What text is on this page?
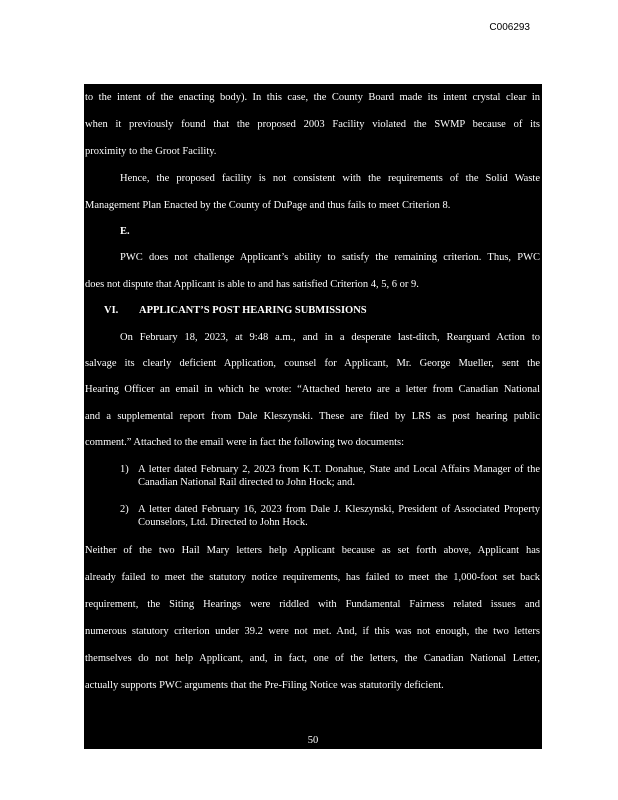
C006293

to the intent of the enacting body). In this case, the County Board made its intent crystal clear in

when it previously found that the proposed 2003 Facility violated the SWMP because of its

proximity to the Groot Facility.

Hence, the proposed facility is not consistent with the requirements of the Solid Waste

Management Plan Enacted by the County of DuPage and thus fails to meet Criterion 8.

E.

PWC does not challenge Applicant’s ability to satisfy the remaining criterion. Thus, PWC

does not dispute that Applicant is able to and has satisfied Criterion 4, 5, 6 or 9.

VI. APPLICANT’S POST HEARING SUBMISSIONS

On February 18, 2023, at 9:48 a.m., and in a desperate last-ditch, Rearguard Action to

salvage its clearly deficient Application, counsel for Applicant, Mr. George Mueller, sent the

Hearing Officer an email in which he wrote: “Attached hereto are a letter from Canadian National

and a supplemental report from Dale Kleszynski. These are filed by LRS as post hearing public

comment.” Attached to the email were in fact the following two documents:

1) A letter dated February 2, 2023 from K.T. Donahue, State and Local Affairs Manager of the Canadian National Rail directed to John Hock; and.
2) A letter dated February 16, 2023 from Dale J. Kleszynski, President of Associated Property Counselors, Ltd. Directed to John Hock.

Neither of the two Hail Mary letters help Applicant because as set forth above, Applicant has

already failed to meet the statutory notice requirements, has failed to meet the 1,000-foot set back

requirement, the Siting Hearings were riddled with Fundamental Fairness related issues and

numerous statutory criterion under 39.2 were not met. And, if this was not enough, the two letters

themselves do not help Applicant, and, in fact, one of the letters, the Canadian National Letter,

actually supports PWC arguments that the Pre-Filing Notice was statutorily deficient.

50
